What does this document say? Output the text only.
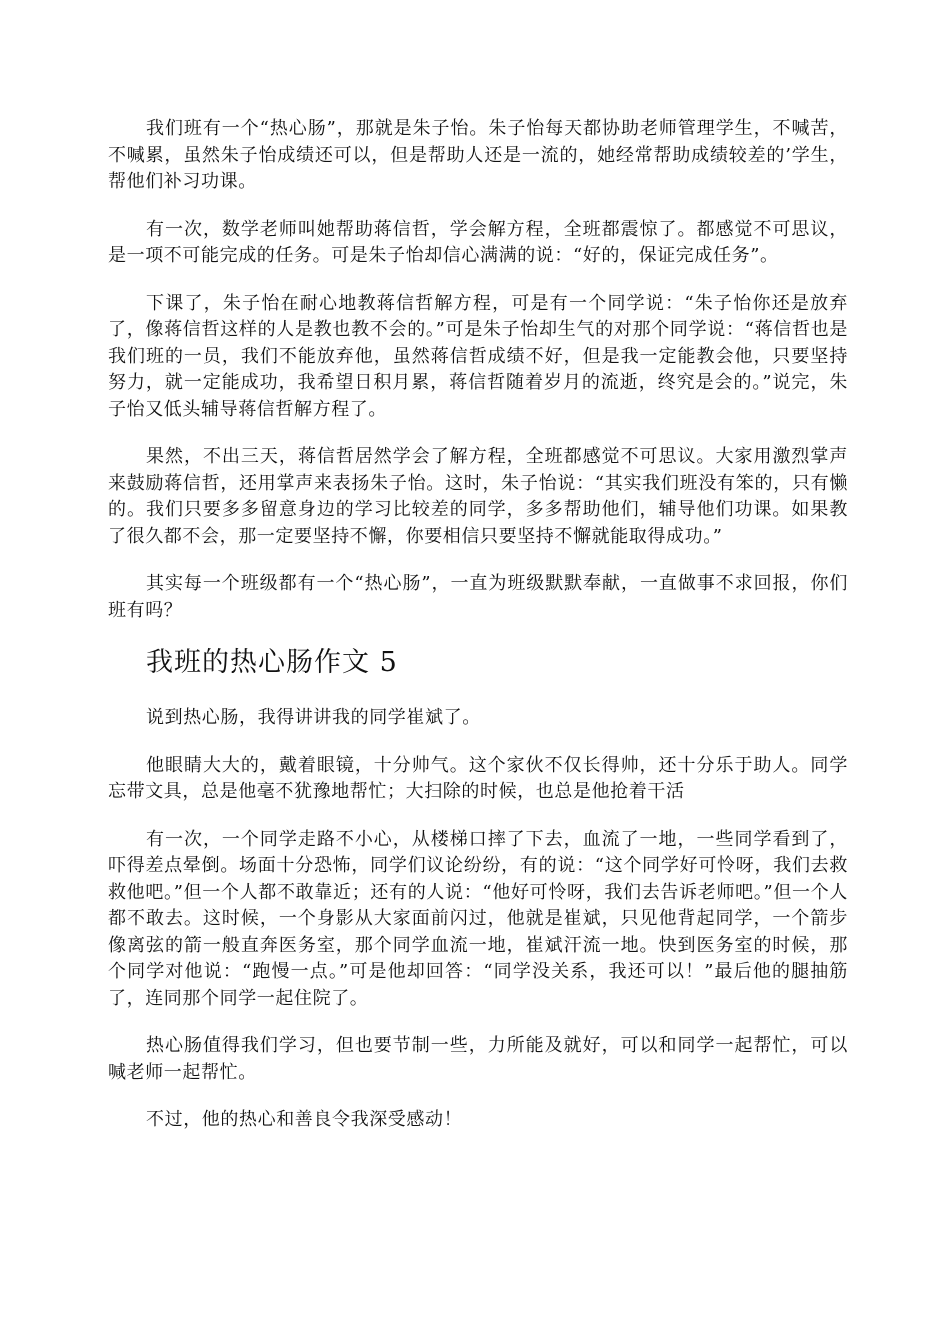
我们班有一个“热心肠”，那就是朱子怡。朱子怡每天都协助老师管理学生，不喊苦，不喊累，虽然朱子怡成绩还可以，但是帮助人还是一流的，她经常帮助成绩较差的’学生，帮他们补习功课。

有一次，数学老师叫她帮助蒋信哲，学会解方程，全班都震惊了。都感觉不可思议，是一项不可能完成的任务。可是朱子怡却信心满满的说：“好的，保证完成任务”。

下课了，朱子怡在耐心地教蒋信哲解方程，可是有一个同学说：“朱子怡你还是放弃了，像蒋信哲这样的人是教也教不会的。”可是朱子怡却生气的对那个同学说：“蒋信哲也是我们班的一员，我们不能放弃他，虽然蒋信哲成绩不好，但是我一定能教会他，只要坚持努力，就一定能成功，我希望日积月累，蒋信哲随着岁月的流逝，终究是会的。”说完，朱子怡又低头辅导蒋信哲解方程了。

果然，不出三天，蒋信哲居然学会了解方程，全班都感觉不可思议。大家用激烈掌声来鼓励蒋信哲，还用掌声来表扬朱子怡。这时，朱子怡说：“其实我们班没有笨的，只有懒的。我们只要多多留意身边的学习比较差的同学，多多帮助他们，辅导他们功课。如果教了很久都不会，那一定要坚持不懈，你要相信只要坚持不懈就能取得成功。”

其实每一个班级都有一个“热心肠”，一直为班级默默奉献，一直做事不求回报，你们班有吗？

我班的热心肠作文 5

说到热心肠，我得讲讲我的同学崔斌了。

他眼睛大大的，戴着眼镜，十分帅气。这个家伙不仅长得帅，还十分乐于助人。同学忘带文具，总是他毫不犹豫地帮忙；大扫除的时候，也总是他抢着干活

有一次，一个同学走路不小心，从楼梯口摔了下去，血流了一地，一些同学看到了，吓得差点晕倒。场面十分恐怖，同学们议论纷纷，有的说：“这个同学好可怜呀，我们去救救他吧。”但一个人都不敢靠近；还有的人说：“他好可怜呀，我们去告诉老师吧。”但一个人都不敢去。这时候，一个身影从大家面前闪过，他就是崔斌，只见他背起同学，一个箭步像离弦的箭一般直奔医务室，那个同学血流一地，崔斌汗流一地。快到医务室的时候，那个同学对他说：“跑慢一点。”可是他却回答：“同学没关系，我还可以！”最后他的腿抽筋了，连同那个同学一起住院了。

热心肠值得我们学习，但也要节制一些，力所能及就好，可以和同学一起帮忙，可以喊老师一起帮忙。

不过，他的热心和善良令我深受感动！
